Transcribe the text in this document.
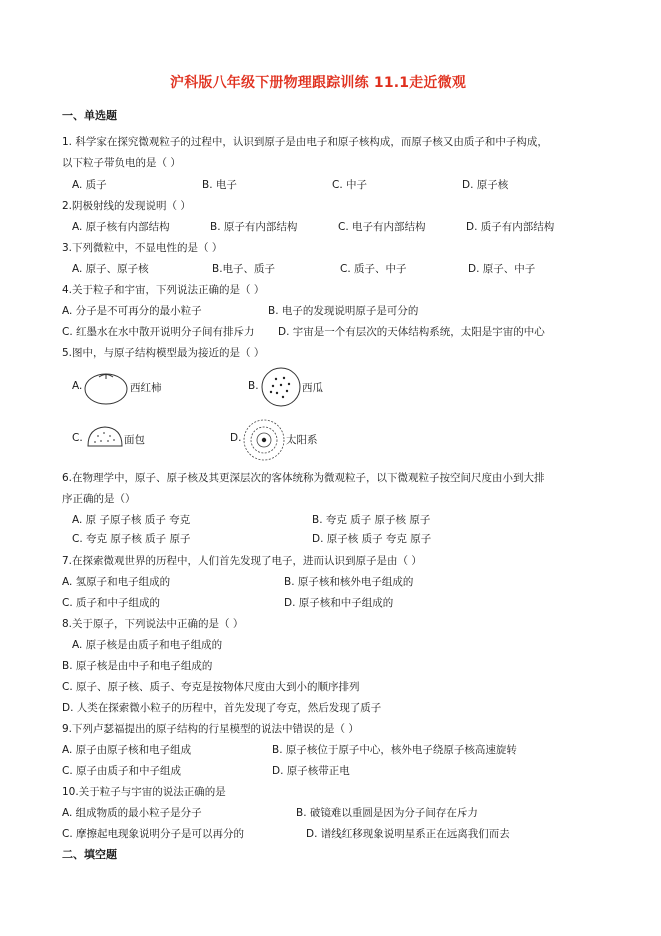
沪科版八年级下册物理跟踪训练 11.1走近微观
一、单选题
1. 科学家在探究微观粒子的过程中，认识到原子是由电子和原子核构成，而原子核又由质子和中子构成，
以下粒子带负电的是（ ）
A. 质子	B. 电子	C. 中子	D. 原子核
2.阴极射线的发现说明（ ）
A. 原子核有内部结构	B. 原子有内部结构	C. 电子有内部结构	D. 质子有内部结构
3.下列微粒中，不显电性的是（ ）
A. 原子、原子核	B.电子、质子	C. 质子、中子	D. 原子、中子
4.关于粒子和宇宙，下列说法正确的是（ ）
A. 分子是不可再分的最小粒子	B. 电子的发现说明原子是可分的
C. 红墨水在水中散开说明分子间有排斥力 D. 宇宙是一个有层次的天体结构系统，太阳是宇宙的中心
5.图中，与原子结构模型最为接近的是（ ）
A.	西红柿	B.	西瓜
C.	面包	D.	太阳系
6.在物理学中，原子、原子核及其更深层次的客体统称为微观粒子，以下微观粒子按空间尺度由小到大排
序正确的是（）
A. 原 子原子核 质子 夸克	B. 夸克 质子 原子核 原子
C. 夸克 原子核 质子 原子	D. 原子核 质子 夸克 原子
7.在探索微观世界的历程中，人们首先发现了电子，进而认识到原子是由（ ）
A. 氢原子和电子组成的	B. 原子核和核外电子组成的
C. 质子和中子组成的	D. 原子核和中子组成的
8.关于原子，下列说法中正确的是（ ）
A. 原子核是由质子和电子组成的
B. 原子核是由中子和电子组成的
C. 原子、原子核、质子、夸克是按物体尺度由大到小的顺序排列
D. 人类在探索微小粒子的历程中，首先发现了夸克，然后发现了质子
9.下列卢瑟福提出的原子结构的行星模型的说法中错误的是（ ）
A. 原子由原子核和电子组成	B. 原子核位于原子中心，核外电子绕原子核高速旋转
C. 原子由质子和中子组成	D. 原子核带正电
10.关于粒子与宇宙的说法正确的是
A. 组成物质的最小粒子是分子	B. 破镜难以重圆是因为分子间存在斥力
C. 摩擦起电现象说明分子是可以再分的	D. 谱线红移现象说明星系正在远离我们而去
二、填空题
